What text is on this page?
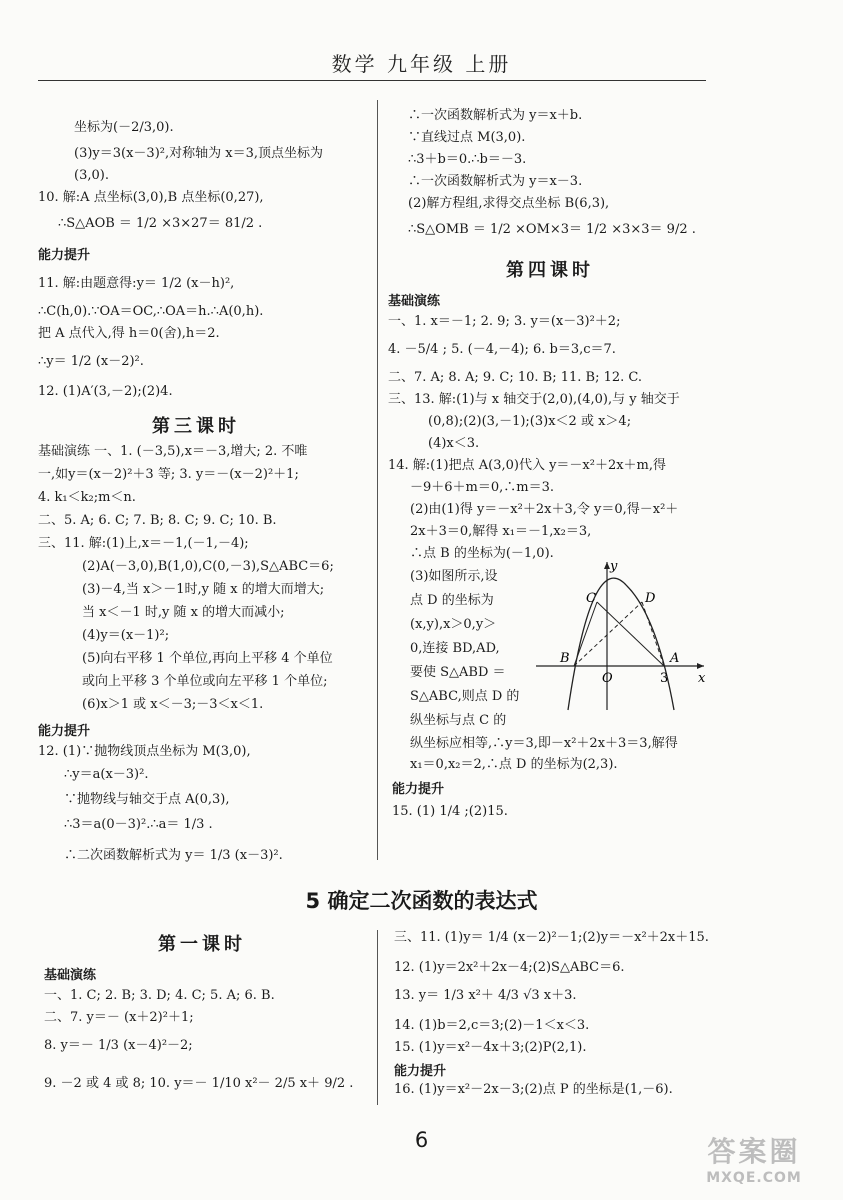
数学 九年级 上册
坐标为(－2/3,0).
(3)y＝3(x－3)²,对称轴为 x＝3,顶点坐标为
(3,0).
10. 解:A 点坐标(3,0),B 点坐标(0,27),
∴S△AOB ＝ 1/2 ×3×27＝ 81/2 .
能力提升
11. 解:由题意得:y＝ 1/2 (x－h)²,
∴C(h,0).∵OA＝OC,∴OA＝h.∴A(0,h).
把 A 点代入,得 h＝0(舍),h＝2.
∴y＝ 1/2 (x－2)².
12. (1)A′(3,－2);(2)4.
第三课时
基础演练 一、1. (－3,5),x＝－3,增大; 2. 不唯
一,如y＝(x－2)²＋3 等; 3. y＝－(x－2)²＋1;
4. k₁＜k₂;m＜n.
二、5. A; 6. C; 7. B; 8. C; 9. C; 10. B.
三、11. 解:(1)上,x＝－1,(－1,－4);
(2)A(－3,0),B(1,0),C(0,－3),S△ABC＝6;
(3)－4,当 x＞－1时,y 随 x 的增大而增大;
当 x＜－1 时,y 随 x 的增大而减小;
(4)y＝(x－1)²;
(5)向右平移 1 个单位,再向上平移 4 个单位
或向上平移 3 个单位或向左平移 1 个单位;
(6)x＞1 或 x＜－3;－3＜x＜1.
能力提升
12. (1)∵抛物线顶点坐标为 M(3,0),
∴y＝a(x－3)².
∵抛物线与轴交于点 A(0,3),
∴3＝a(0－3)².∴a＝ 1/3 .
∴二次函数解析式为 y＝ 1/3 (x－3)².
∴一次函数解析式为 y＝x＋b.
∵直线过点 M(3,0).
∴3＋b＝0.∴b＝－3.
∴一次函数解析式为 y＝x－3.
(2)解方程组,求得交点坐标 B(6,3),
∴S△OMB ＝ 1/2 ×OM×3＝ 1/2 ×3×3＝ 9/2 .
第四课时
基础演练
一、1. x＝－1; 2. 9; 3. y＝(x－3)²＋2;
4. －5/4 ; 5. (－4,－4); 6. b＝3,c＝7.
二、7. A; 8. A; 9. C; 10. B; 11. B; 12. C.
三、13. 解:(1)与 x 轴交于(2,0),(4,0),与 y 轴交于
(0,8);(2)(3,－1);(3)x＜2 或 x＞4;
(4)x＜3.
14. 解:(1)把点 A(3,0)代入 y＝－x²＋2x＋m,得
－9＋6＋m＝0,∴m＝3.
(2)由(1)得 y＝－x²＋2x＋3,令 y＝0,得－x²＋
2x＋3＝0,解得 x₁＝－1,x₂＝3,
∴点 B 的坐标为(－1,0).
(3)如图所示,设
点 D 的坐标为
(x,y),x＞0,y＞
0,连接 BD,AD,
要使 S△ABD ＝
S△ABC,则点 D 的
纵坐标与点 C 的
纵坐标应相等,∴y＝3,即－x²＋2x＋3＝3,解得
x₁＝0,x₂＝2,∴点 D 的坐标为(2,3).
能力提升
15. (1) 1/4 ;(2)15.
y
x
C	D
B
O
A
3
5 确定二次函数的表达式
第一课时
基础演练
一、1. C; 2. B; 3. D; 4. C; 5. A; 6. B.
二、7. y＝－ (x＋2)²＋1;
8. y＝－ 1/3 (x－4)²－2;
9. －2 或 4 或 8; 10. y＝－ 1/10 x²－ 2/5 x＋ 9/2 .
三、11. (1)y＝ 1/4 (x－2)²－1;(2)y＝－x²＋2x＋15.
12. (1)y＝2x²＋2x－4;(2)S△ABC＝6.
13. y＝ 1/3 x²＋ 4/3 √3 x＋3.
14. (1)b＝2,c＝3;(2)－1＜x＜3.
15. (1)y＝x²－4x＋3;(2)P(2,1).
能力提升
16. (1)y＝x²－2x－3;(2)点 P 的坐标是(1,－6).
6	答案圈
MXQE.COM
